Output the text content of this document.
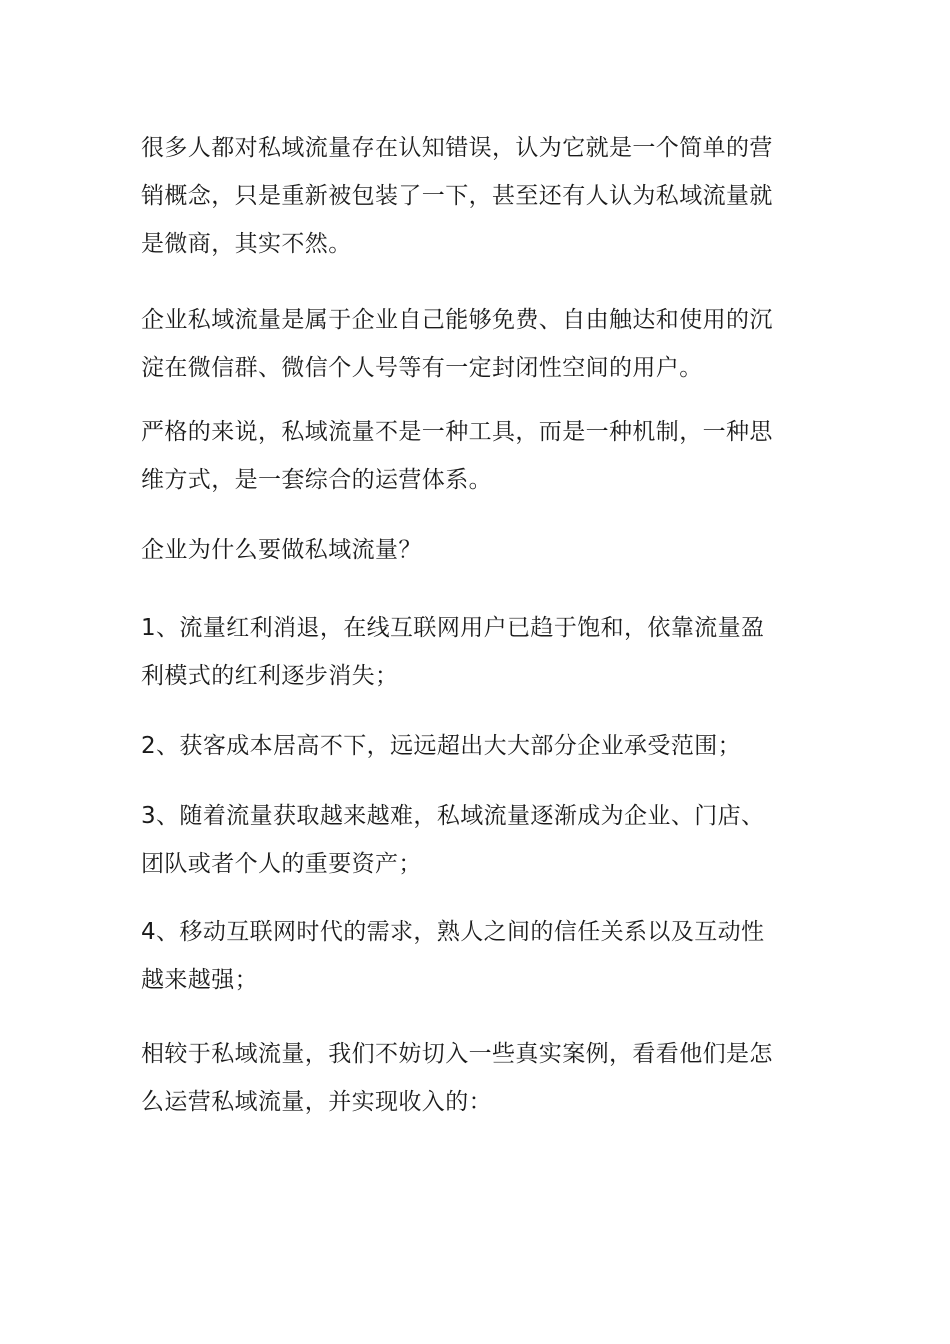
很多人都对私域流量存在认知错误，认为它就是一个简单的营
销概念，只是重新被包装了一下，甚至还有人认为私域流量就
是微商，其实不然。

企业私域流量是属于企业自己能够免费、自由触达和使用的沉
淀在微信群、微信个人号等有一定封闭性空间的用户。

严格的来说，私域流量不是一种工具，而是一种机制，一种思
维方式，是一套综合的运营体系。

企业为什么要做私域流量？

1、流量红利消退，在线互联网用户已趋于饱和，依靠流量盈
利模式的红利逐步消失；

2、获客成本居高不下，远远超出大大部分企业承受范围；

3、随着流量获取越来越难，私域流量逐渐成为企业、门店、
团队或者个人的重要资产；

4、移动互联网时代的需求，熟人之间的信任关系以及互动性
越来越强；

相较于私域流量，我们不妨切入一些真实案例，看看他们是怎
么运营私域流量，并实现收入的：
